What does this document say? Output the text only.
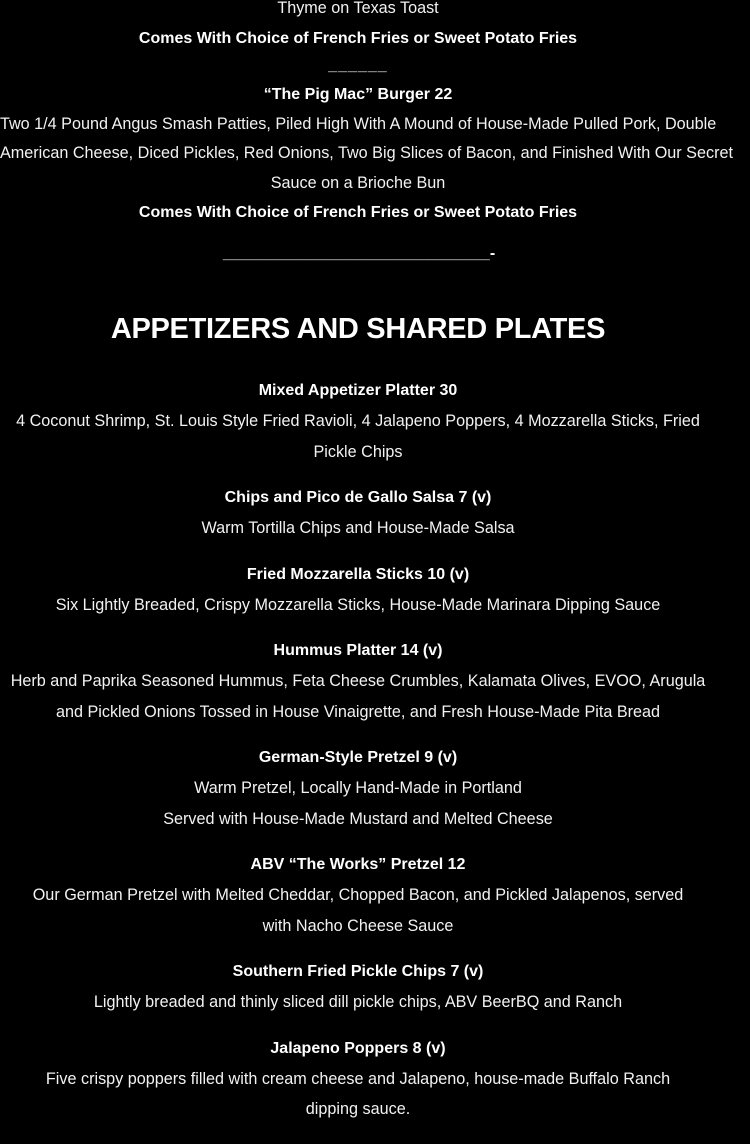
Thyme on Texas Toast
Comes With Choice of French Fries or Sweet Potato Fries
______
“The Pig Mac” Burger 22
Two 1/4 Pound Angus Smash Patties, Piled High With A Mound of House-Made Pulled Pork, Double
American Cheese, Diced Pickles, Red Onions, Two Big Slices of Bacon, and Finished With Our Secret
Sauce on a Brioche Bun
Comes With Choice of French Fries or Sweet Potato Fries
______________________________-
APPETIZERS AND SHARED PLATES
Mixed Appetizer Platter 30
4 Coconut Shrimp, St. Louis Style Fried Ravioli, 4 Jalapeno Poppers, 4 Mozzarella Sticks, Fried
Pickle Chips
Chips and Pico de Gallo Salsa 7 (v)
Warm Tortilla Chips and House-Made Salsa
Fried Mozzarella Sticks 10 (v)
Six Lightly Breaded, Crispy Mozzarella Sticks, House-Made Marinara Dipping Sauce
Hummus Platter 14 (v)
Herb and Paprika Seasoned Hummus, Feta Cheese Crumbles, Kalamata Olives, EVOO, Arugula
and Pickled Onions Tossed in House Vinaigrette, and Fresh House-Made Pita Bread
German-Style Pretzel 9 (v)
Warm Pretzel, Locally Hand-Made in Portland
Served with House-Made Mustard and Melted Cheese
ABV “The Works” Pretzel 12
Our German Pretzel with Melted Cheddar, Chopped Bacon, and Pickled Jalapenos, served
with Nacho Cheese Sauce
Southern Fried Pickle Chips 7 (v)
Lightly breaded and thinly sliced dill pickle chips, ABV BeerBQ and Ranch
Jalapeno Poppers 8 (v)
Five crispy poppers filled with cream cheese and Jalapeno, house-made Buffalo Ranch
dipping sauce.
